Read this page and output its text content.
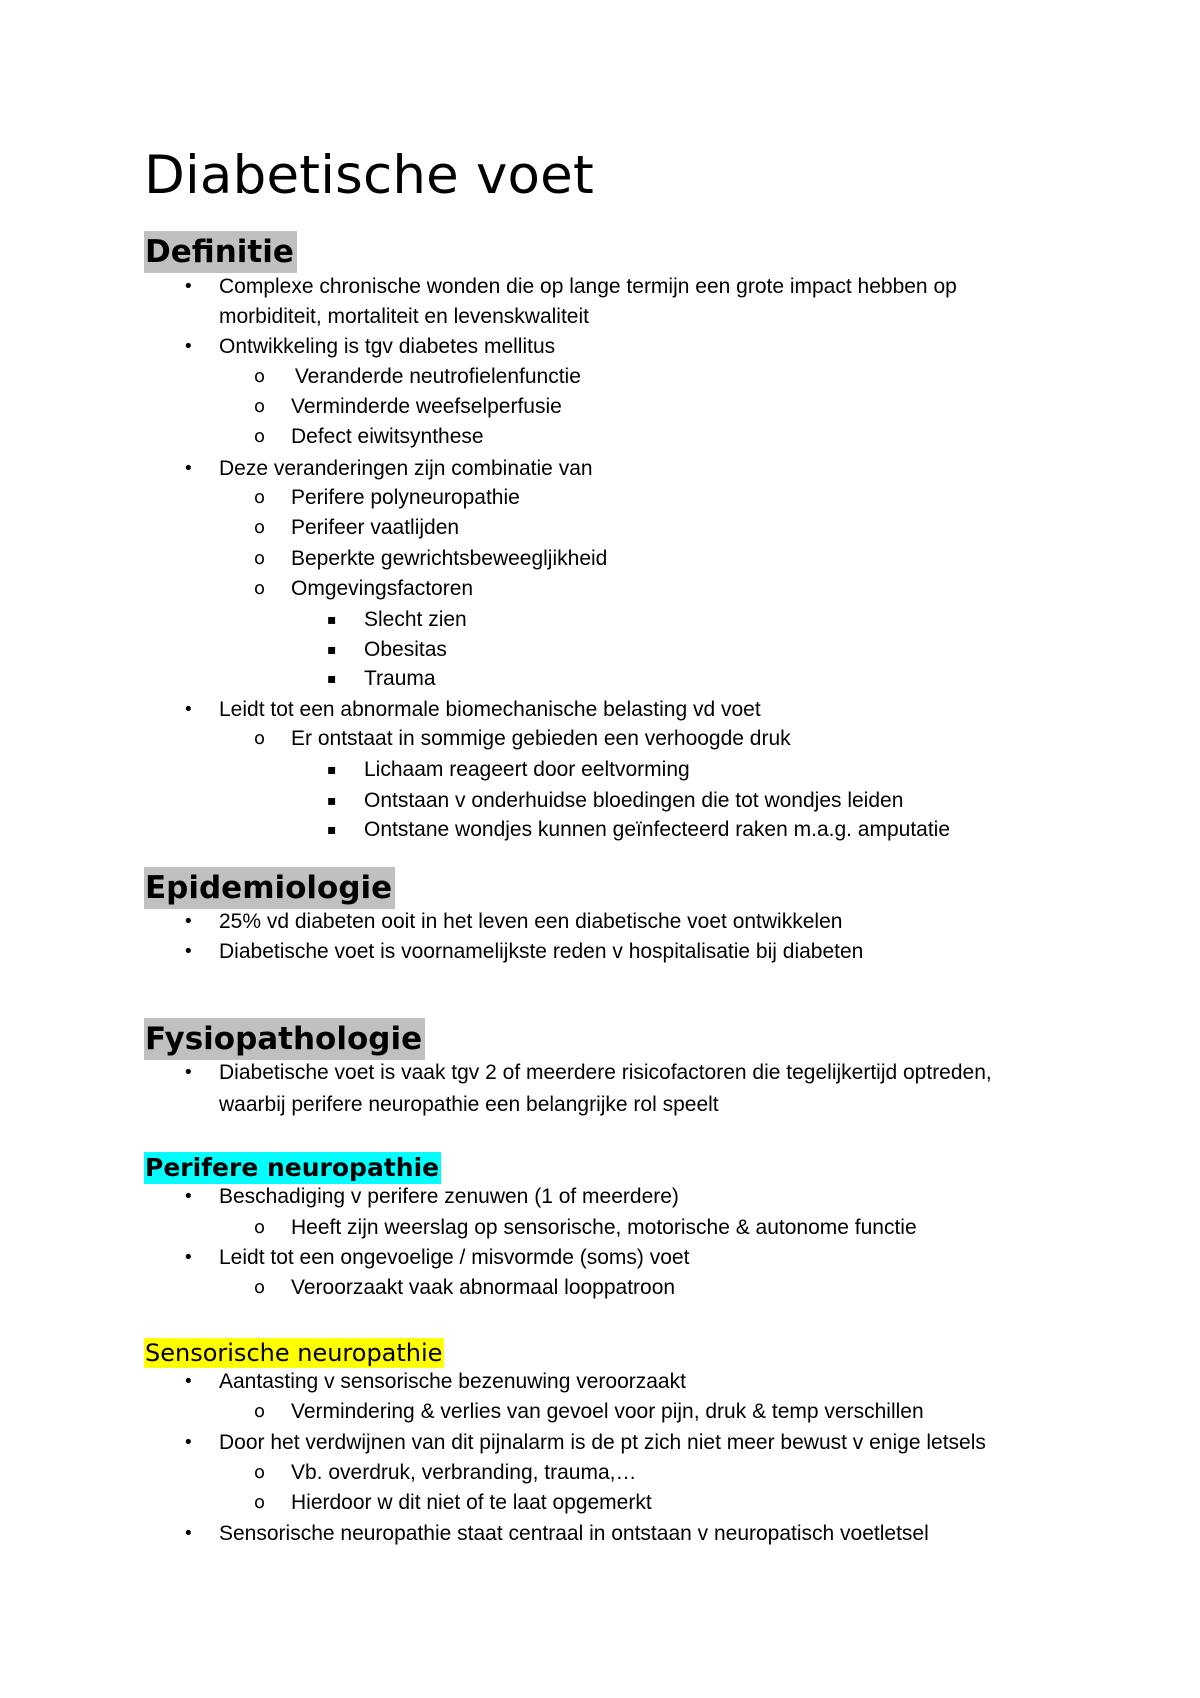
Diabetische voet
Definitie
• Complexe chronische wonden die op lange termijn een grote impact hebben op
morbiditeit, mortaliteit en levenskwaliteit
• Ontwikkeling is tgv diabetes mellitus
o Veranderde neutrofielenfunctie
o Verminderde weefselperfusie
o Defect eiwitsynthese
• Deze veranderingen zijn combinatie van
o Perifere polyneuropathie
o Perifeer vaatlijden
o Beperkte gewrichtsbeweegljikheid
o Omgevingsfactoren
▪ Slecht zien
▪ Obesitas
▪ Trauma
• Leidt tot een abnormale biomechanische belasting vd voet
o Er ontstaat in sommige gebieden een verhoogde druk
▪ Lichaam reageert door eeltvorming
▪ Ontstaan v onderhuidse bloedingen die tot wondjes leiden
▪ Ontstane wondjes kunnen geïnfecteerd raken m.a.g. amputatie
Epidemiologie
• 25% vd diabeten ooit in het leven een diabetische voet ontwikkelen
• Diabetische voet is voornamelijkste reden v hospitalisatie bij diabeten
Fysiopathologie
• Diabetische voet is vaak tgv 2 of meerdere risicofactoren die tegelijkertijd optreden,
waarbij perifere neuropathie een belangrijke rol speelt
Perifere neuropathie
• Beschadiging v perifere zenuwen (1 of meerdere)
o Heeft zijn weerslag op sensorische, motorische & autonome functie
• Leidt tot een ongevoelige / misvormde (soms) voet
o Veroorzaakt vaak abnormaal looppatroon
Sensorische neuropathie
• Aantasting v sensorische bezenuwing veroorzaakt
o Vermindering & verlies van gevoel voor pijn, druk & temp verschillen
• Door het verdwijnen van dit pijnalarm is de pt zich niet meer bewust v enige letsels
o Vb. overdruk, verbranding, trauma,…
o Hierdoor w dit niet of te laat opgemerkt
• Sensorische neuropathie staat centraal in ontstaan v neuropatisch voetletsel
